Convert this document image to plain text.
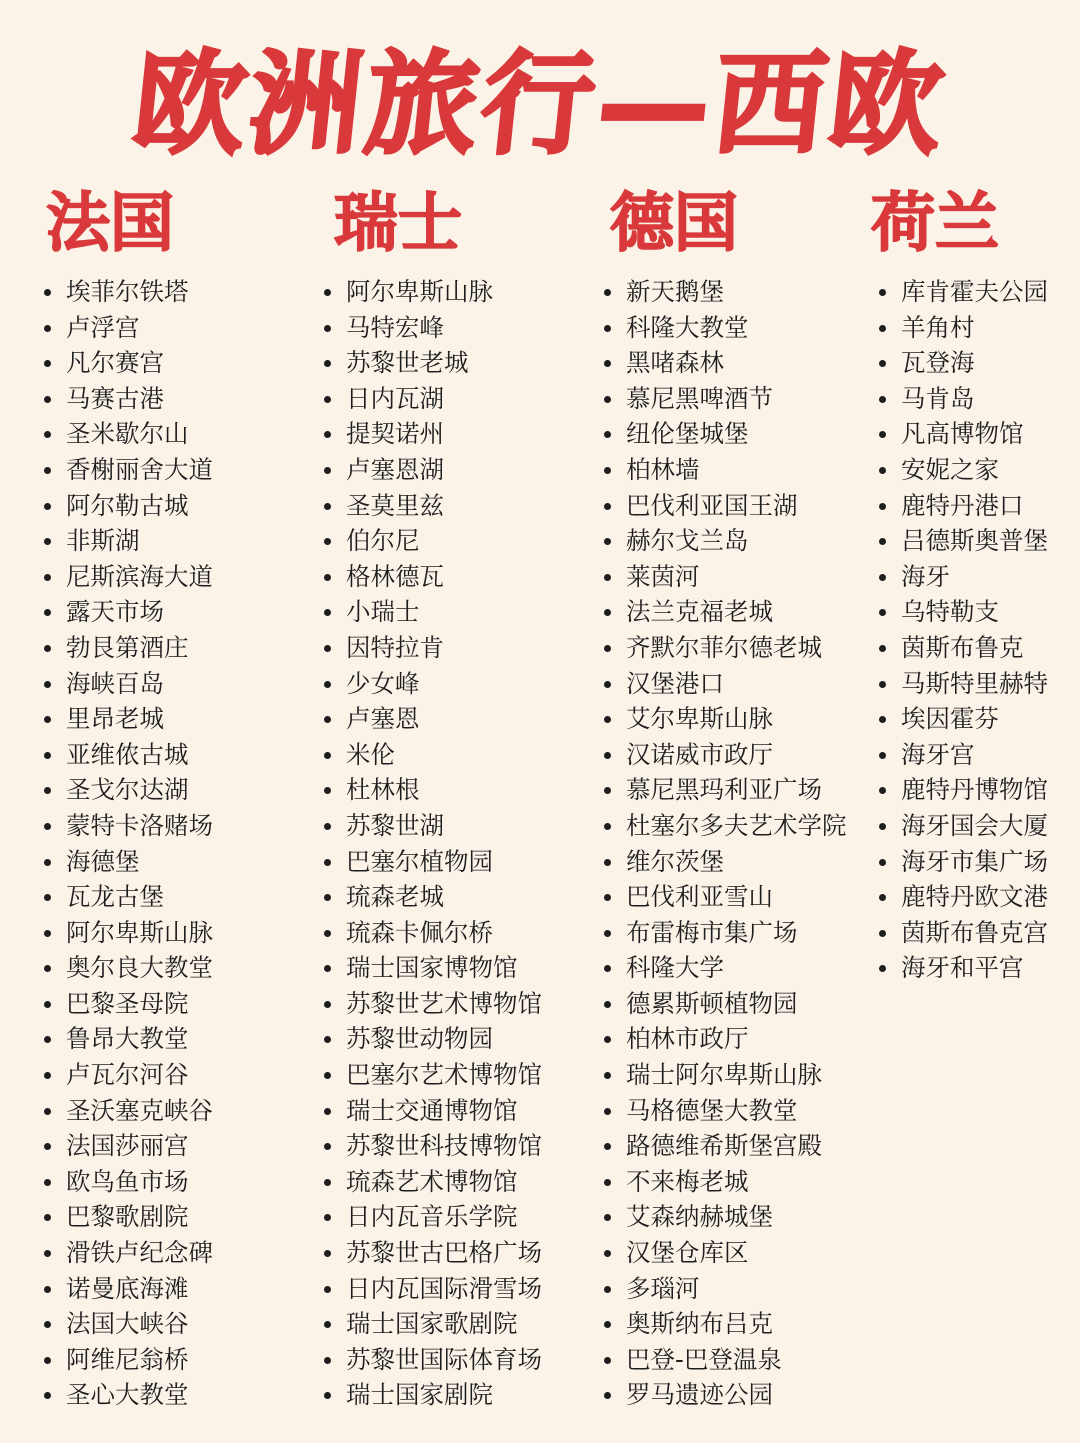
欧洲旅行—西欧
法国
埃菲尔铁塔
卢浮宫
凡尔赛宫
马赛古港
圣米歇尔山
香榭丽舍大道
阿尔勒古城
非斯湖
尼斯滨海大道
露天市场
勃艮第酒庄
海峡百岛
里昂老城
亚维侬古城
圣戈尔达湖
蒙特卡洛赌场
海德堡
瓦龙古堡
阿尔卑斯山脉
奥尔良大教堂
巴黎圣母院
鲁昂大教堂
卢瓦尔河谷
圣沃塞克峡谷
法国莎丽宫
欧鸟鱼市场
巴黎歌剧院
滑铁卢纪念碑
诺曼底海滩
法国大峡谷
阿维尼翁桥
圣心大教堂
瑞士
阿尔卑斯山脉
马特宏峰
苏黎世老城
日内瓦湖
提契诺州
卢塞恩湖
圣莫里兹
伯尔尼
格林德瓦
小瑞士
因特拉肯
少女峰
卢塞恩
米伦
杜林根
苏黎世湖
巴塞尔植物园
琉森老城
琉森卡佩尔桥
瑞士国家博物馆
苏黎世艺术博物馆
苏黎世动物园
巴塞尔艺术博物馆
瑞士交通博物馆
苏黎世科技博物馆
琉森艺术博物馆
日内瓦音乐学院
苏黎世古巴格广场
日内瓦国际滑雪场
瑞士国家歌剧院
苏黎世国际体育场
瑞士国家剧院
德国
新天鹅堡
科隆大教堂
黑啫森林
慕尼黑啤酒节
纽伦堡城堡
柏林墙
巴伐利亚国王湖
赫尔戈兰岛
莱茵河
法兰克福老城
齐默尔菲尔德老城
汉堡港口
艾尔卑斯山脉
汉诺威市政厅
慕尼黑玛利亚广场
杜塞尔多夫艺术学院
维尔茨堡
巴伐利亚雪山
布雷梅市集广场
科隆大学
德累斯顿植物园
柏林市政厅
瑞士阿尔卑斯山脉
马格德堡大教堂
路德维希斯堡宫殿
不来梅老城
艾森纳赫城堡
汉堡仓库区
多瑙河
奥斯纳布吕克
巴登-巴登温泉
罗马遗迹公园
荷兰
库肯霍夫公园
羊角村
瓦登海
马肯岛
凡高博物馆
安妮之家
鹿特丹港口
吕德斯奥普堡
海牙
乌特勒支
茵斯布鲁克
马斯特里赫特
埃因霍芬
海牙宫
鹿特丹博物馆
海牙国会大厦
海牙市集广场
鹿特丹欧文港
茵斯布鲁克宫
海牙和平宫
